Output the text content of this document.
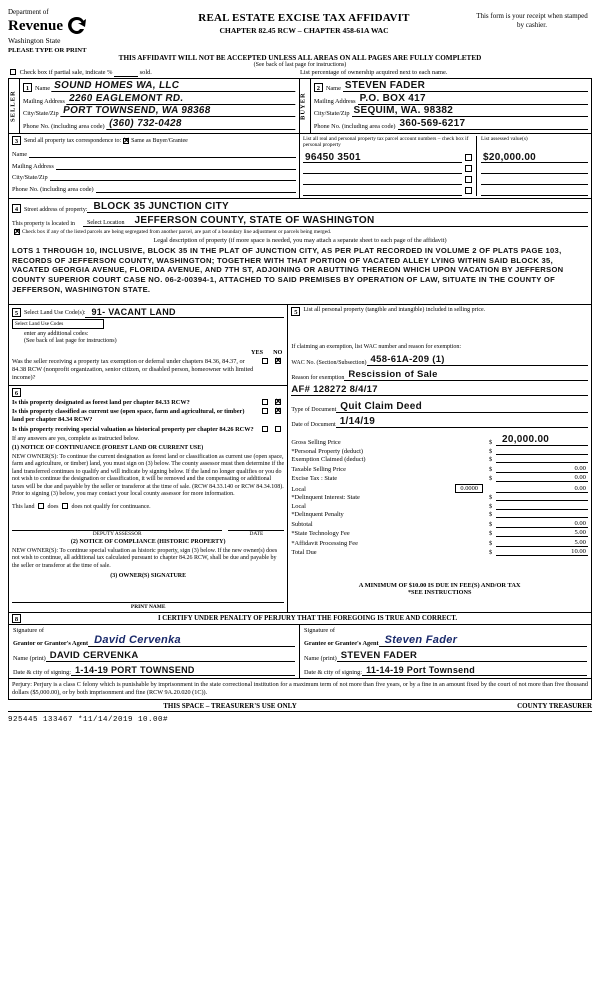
Department of
Revenue
Washington State
REAL ESTATE EXCISE TAX AFFIDAVIT
CHAPTER 82.45 RCW – CHAPTER 458-61A WAC
This form is your receipt when stamped by cashier.
PLEASE TYPE OR PRINT
THIS AFFIDAVIT WILL NOT BE ACCEPTED UNLESS ALL AREAS ON ALL PAGES ARE FULLY COMPLETED
(See back of last page for instructions)
Check box if partial sale, indicate %	sold.	List percentage of ownership acquired next to each name.
SELLER	
1 Name SOUND HOMES WA, LLC
Mailing Address 2260 EAGLEMONT RD.
City/State/Zip PORT TOWNSEND, WA 98368
Phone No. (including area code) (360) 732-0428
	BUYER	
2 Name STEVEN FADER
Mailing Address P.O. BOX 417
City/State/Zip SEQUIM, WA. 98382
Phone No. (including area code) 360-569-6217
3 Send all property tax correspondence to: ✕ Same as Buyer/Grantee
Name
Mailing Address
City/State/Zip
Phone No. (including area code)
List all real and personal property tax parcel account numbers – check box if personal property
96450 3501
List assessed value(s)
$20,000.00
4 Street address of property: BLOCK 35 JUNCTION CITY
This property is located in	Select Location	JEFFERSON COUNTY, STATE OF WASHINGTON
✕
Check box if any of the listed parcels are being segregated from another parcel, are part of a boundary line adjustment or parcels being merged.
Legal description of property (if more space is needed, you may attach a separate sheet to each page of the affidavit)
LOTS 1 THROUGH 10, INCLUSIVE, BLOCK 35 IN THE PLAT OF JUNCTION CITY, AS PER PLAT RECORDED IN VOLUME 2 OF PLATS PAGE 103, RECORDS OF JEFFERSON COUNTY, WASHINGTON; TOGETHER WITH THAT PORTION OF VACATED ALLEY LYING WITHIN SAID BLOCK 35, VACATED GEORGIA AVENUE, FLORIDA AVENUE, AND 7TH ST, ADJOINING OR ABUTTING THEREON WHICH UPON VACATION BY JEFFERSON COUNTY SUPERIOR COURT CASE NO. 06-2-00394-1, ATTACHED TO SAID PREMISES BY OPERATION OF LAW, SITUATE IN THE COUNTY OF JEFFERSON, WASHINGTON STATE.
5 Select Land Use Code(s): 91- VACANT LAND
Select Land Use Codes
enter any additional codes:
(See back of last page for instructions)
YES NO
Was the seller receiving a property tax exemption or deferral under chapters 84.36, 84.37, or 84.38 RCW (nonprofit organization, senior citizen, or disabled person, homeowner with limited income)?
✕
6
Is this property designated as forest land per chapter 84.33 RCW?
✕
Is this property classified as current use (open space, farm and agricultural, or timber) land per chapter 84.34 RCW?
✕
Is this property receiving special valuation as historical property per chapter 84.26 RCW?
If any answers are yes, complete as instructed below.
(1) NOTICE OF CONTINUANCE (FOREST LAND OR CURRENT USE)
NEW OWNER(S): To continue the current designation as forest land or classification as current use (open space, farm and agriculture, or timber) land, you must sign on (3) below. The county assessor must then determine if the land transferred continues to qualify and will indicate by signing below. If the land no longer qualifies or you do not wish to continue the designation or classification, it will be removed and the compensating or additional taxes will be due and payable by the seller or transferor at the time of sale. (RCW 84.33.140 or RCW 84.34.108). Prior to signing (3) below, you may contact your local county assessor for more information.
This land does does not qualify for continuance.
DEPUTY ASSESSOR	DATE
(2) NOTICE OF COMPLIANCE (HISTORIC PROPERTY)
NEW OWNER(S): To continue special valuation as historic property, sign (3) below. If the new owner(s) does not wish to continue, all additional tax calculated pursuant to chapter 84.26 RCW, shall be due and payable by the seller or transferor at the time of sale.
(3) OWNER(S) SIGNATURE
PRINT NAME
5 List all personal property (tangible and intangible) included in selling price.
If claiming an exemption, list WAC number and reason for exemption:
WAC No. (Section/Subsection) 458-61A-209 (1)
Reason for exemption Rescission of Sale
AF# 128272 8/4/17
Type of Document Quit Claim Deed
Date of Document 1/14/19
Gross Selling Price	$ 20,000.00
*Personal Property (deduct)	$
Exemption Claimed (deduct)	$
Taxable Selling Price	$	0.00
Excise Tax : State	$	0.00
Local	0.0000	0.00
*Delinquent Interest: State	$
Local	$
*Delinquent Penalty	$
Subtotal	$	0.00
*State Technology Fee	$	5.00
*Affidavit Processing Fee	$	5.00
Total Due	$	10.00
A MINIMUM OF $10.00 IS DUE IN FEE(S) AND/OR TAX
*SEE INSTRUCTIONS
8	I CERTIFY UNDER PENALTY OF PERJURY THAT THE FOREGOING IS TRUE AND CORRECT.
Signature of
Grantor or Grantor's Agent David Cervenka
Name (print) DAVID CERVENKA
Date & city of signing: 1-14-19 PORT TOWNSEND
Signature of
Grantee or Grantee's Agent Steven Fader
Name (print) STEVEN FADER
Date & city of signing: 11-14-19 Port Townsend
Perjury: Perjury is a class C felony which is punishable by imprisonment in the state correctional institution for a maximum term of not more than five years, or by a fine in an amount fixed by the court of not more than five thousand dollars ($5,000.00), or by both imprisonment and fine (RCW 9A.20.020 (1C)).
THIS SPACE – TREASURER'S USE ONLY	COUNTY TREASURER
925445 133467 *11/14/2019 10.00#
